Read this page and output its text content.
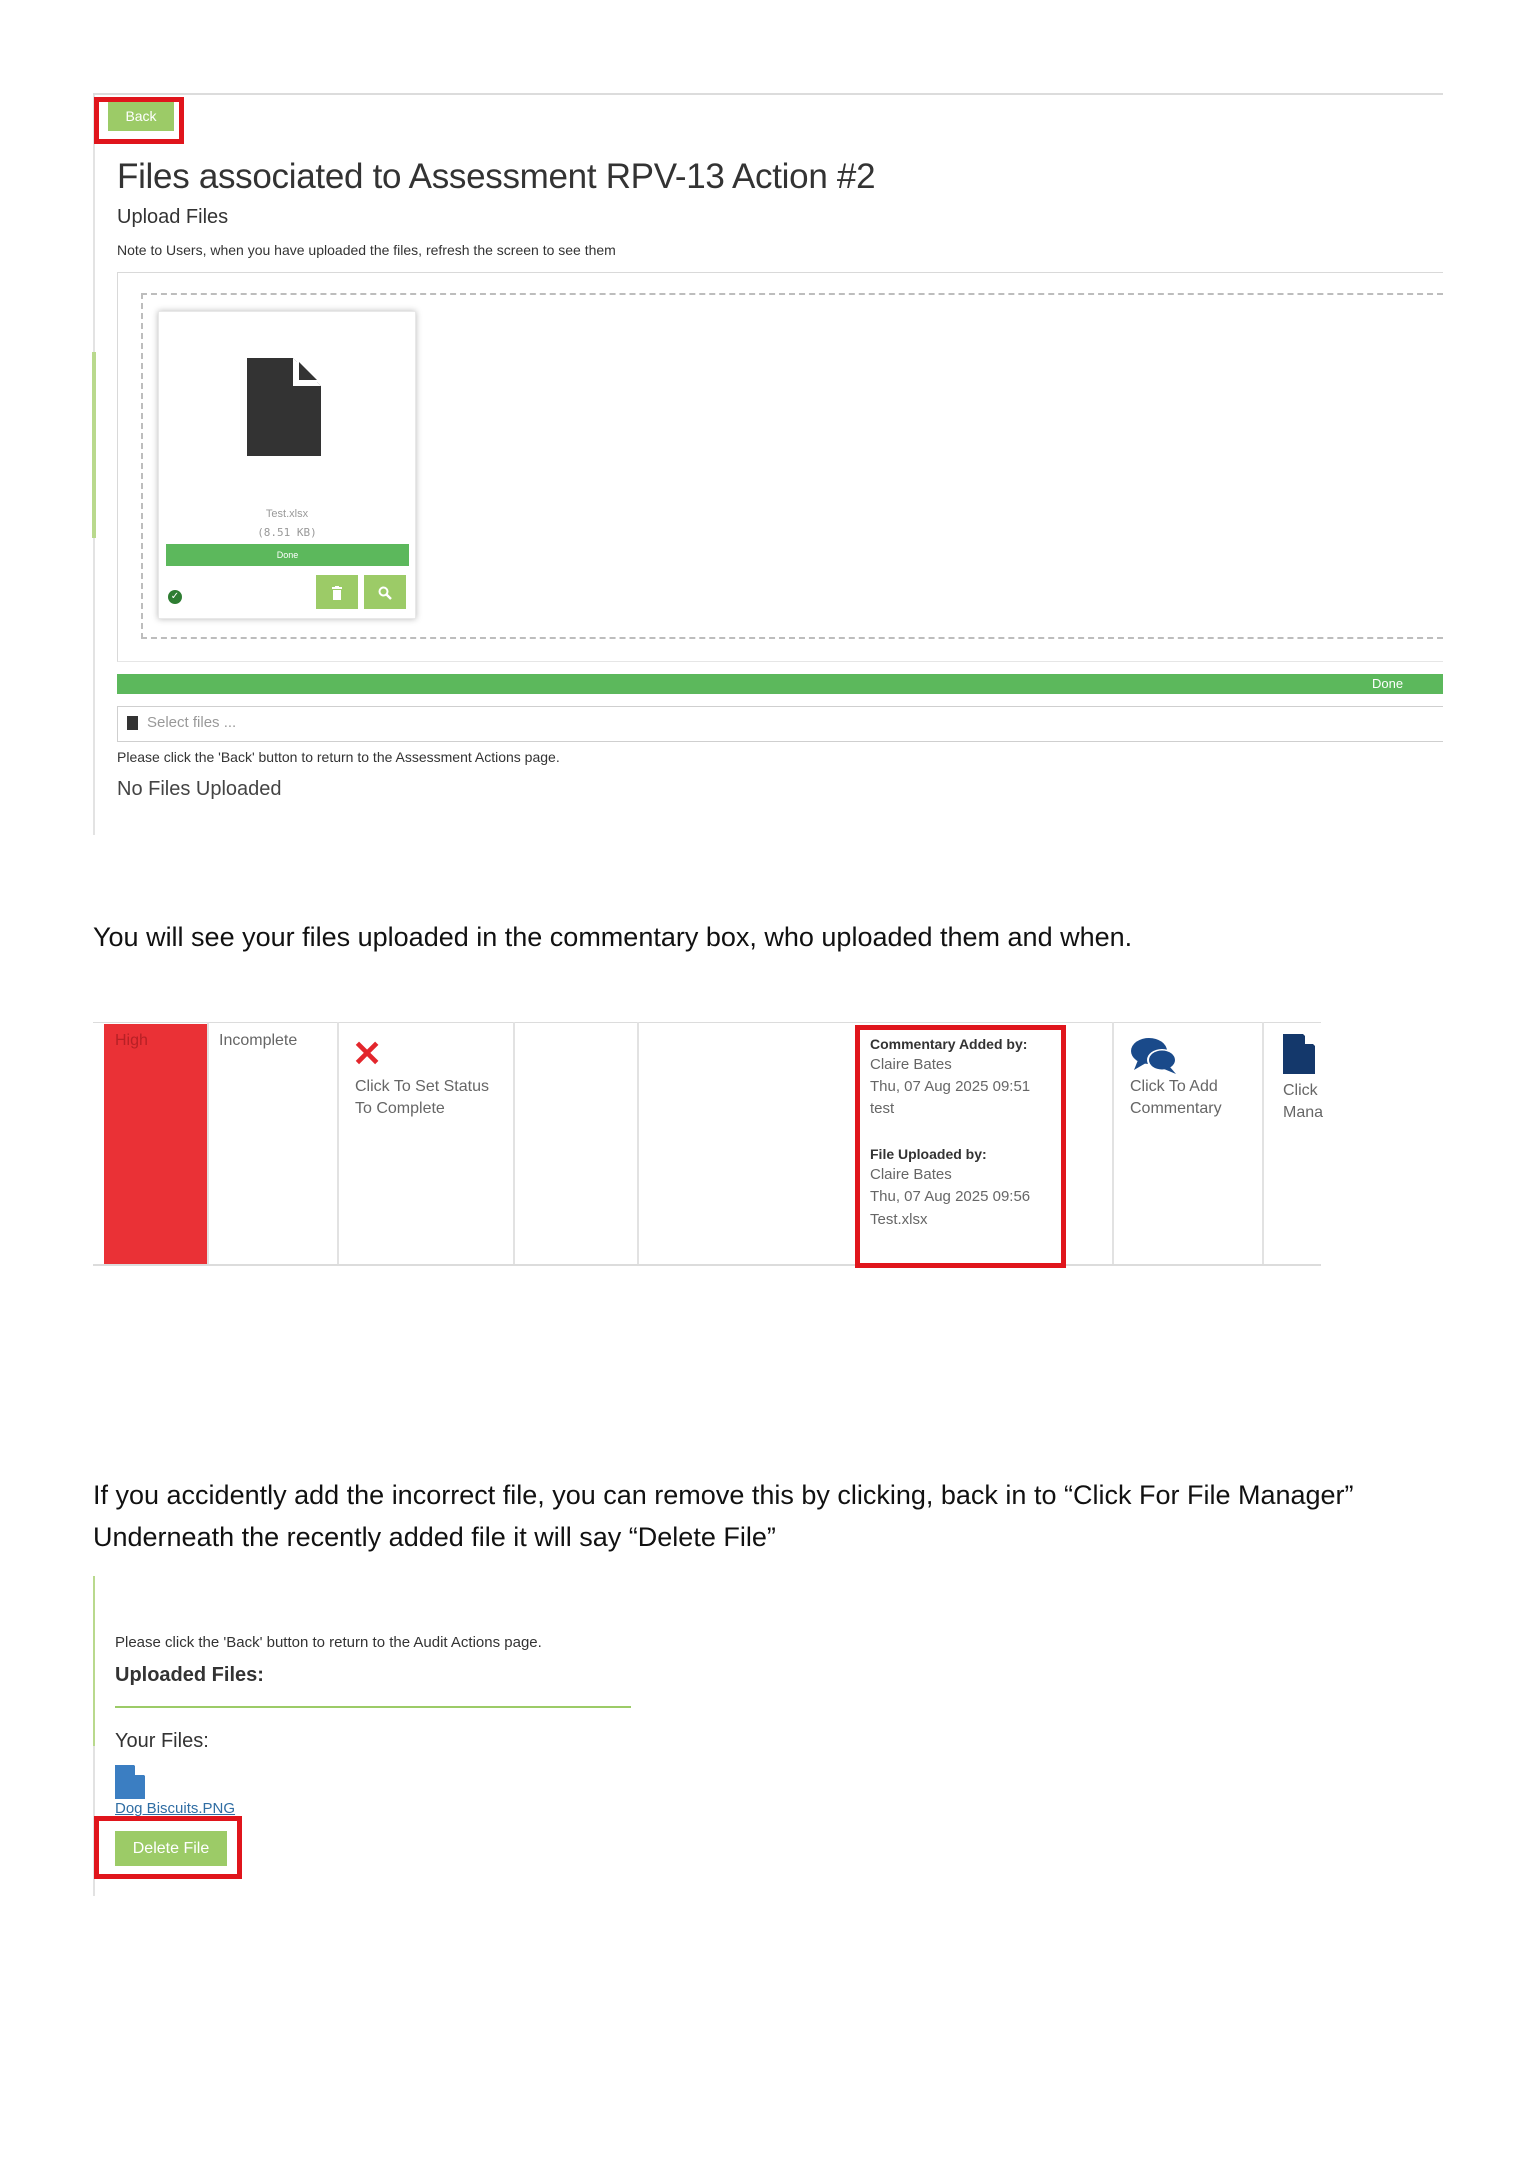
Back
Files associated to Assessment RPV-13 Action #2
Upload Files
Note to Users, when you have uploaded the files, refresh the screen to see them
Test.xlsx
(8.51 KB)
Done
✓
Done
Select files ...
Please click the 'Back' button to return to the Assessment Actions page.
No Files Uploaded
You will see your files uploaded in the commentary box, who uploaded them and when.
High	Incomplete ✕
Click To Set Status
To Complete
Commentary Added by:
Claire Bates
Thu, 07 Aug 2025 09:51
test
File Uploaded by:
Claire Bates
Thu, 07 Aug 2025 09:56
Test.xlsx
Click To Add
Commentary
Click
Mana
If you accidently add the incorrect file, you can remove this by clicking, back in to “Click For File Manager”
Underneath the recently added file it will say “Delete File”
Please click the 'Back' button to return to the Audit Actions page.
Uploaded Files:
Your Files:
Dog Biscuits.PNG
Delete File
